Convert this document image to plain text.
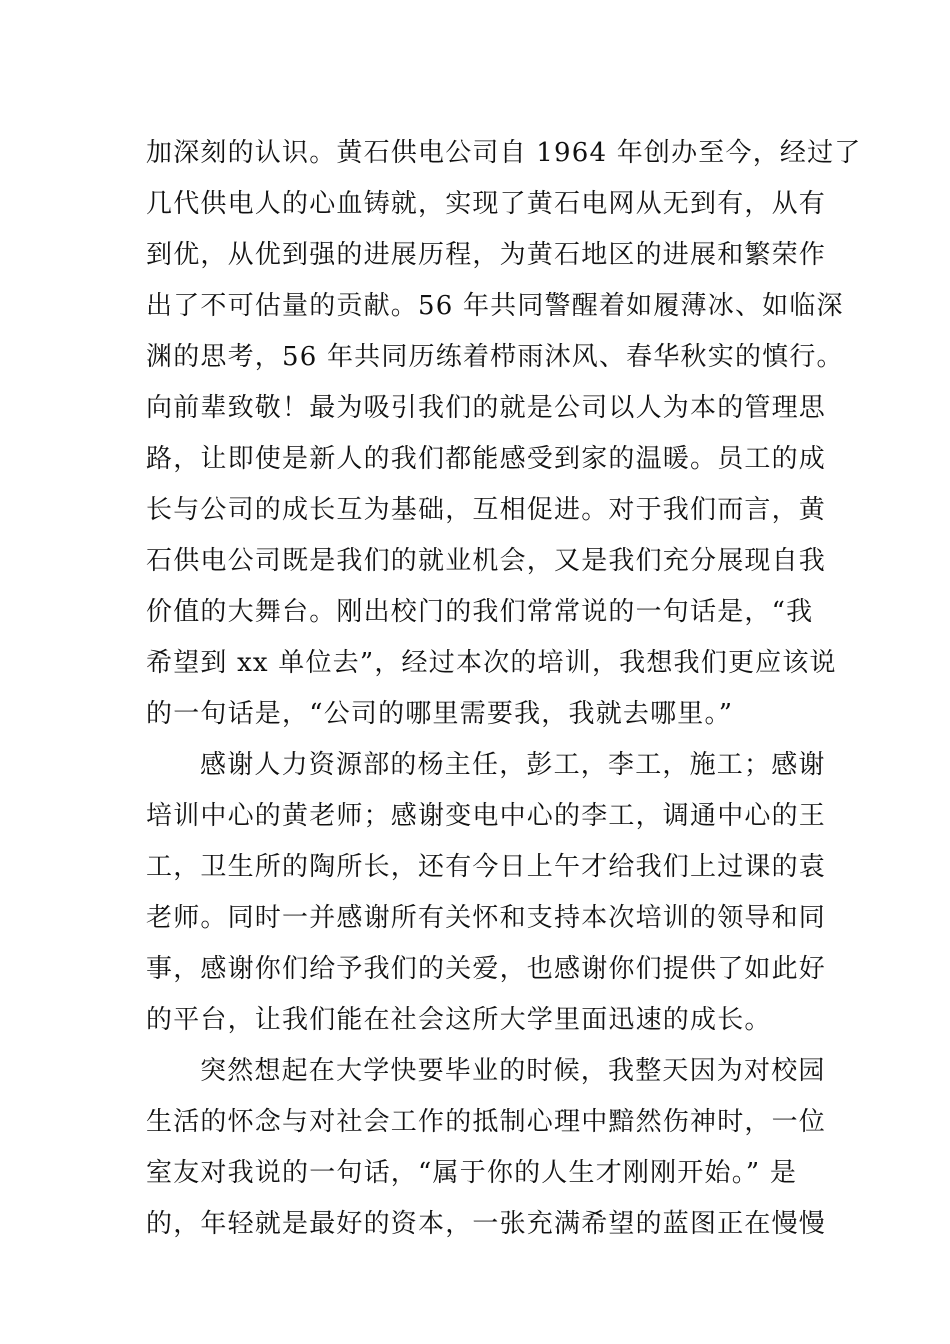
加深刻的认识。黄石供电公司自 1964 年创办至今，经过了
几代供电人的心血铸就，实现了黄石电网从无到有，从有
到优，从优到强的进展历程，为黄石地区的进展和繁荣作
出了不可估量的贡献。56 年共同警醒着如履薄冰、如临深
渊的思考，56 年共同历练着栉雨沐风、春华秋实的慎行。
向前辈致敬！最为吸引我们的就是公司以人为本的管理思
路，让即使是新人的我们都能感受到家的温暖。员工的成
长与公司的成长互为基础，互相促进。对于我们而言，黄
石供电公司既是我们的就业机会，又是我们充分展现自我
价值的大舞台。刚出校门的我们常常说的一句话是，“我
希望到 xx 单位去”，经过本次的培训，我想我们更应该说
的一句话是，“公司的哪里需要我，我就去哪里。”
感谢人力资源部的杨主任，彭工，李工，施工；感谢
培训中心的黄老师；感谢变电中心的李工，调通中心的王
工，卫生所的陶所长，还有今日上午才给我们上过课的袁
老师。同时一并感谢所有关怀和支持本次培训的领导和同
事，感谢你们给予我们的关爱，也感谢你们提供了如此好
的平台，让我们能在社会这所大学里面迅速的成长。
突然想起在大学快要毕业的时候，我整天因为对校园
生活的怀念与对社会工作的抵制心理中黯然伤神时，一位
室友对我说的一句话，“属于你的人生才刚刚开始。” 是
的，年轻就是最好的资本，一张充满希望的蓝图正在慢慢
